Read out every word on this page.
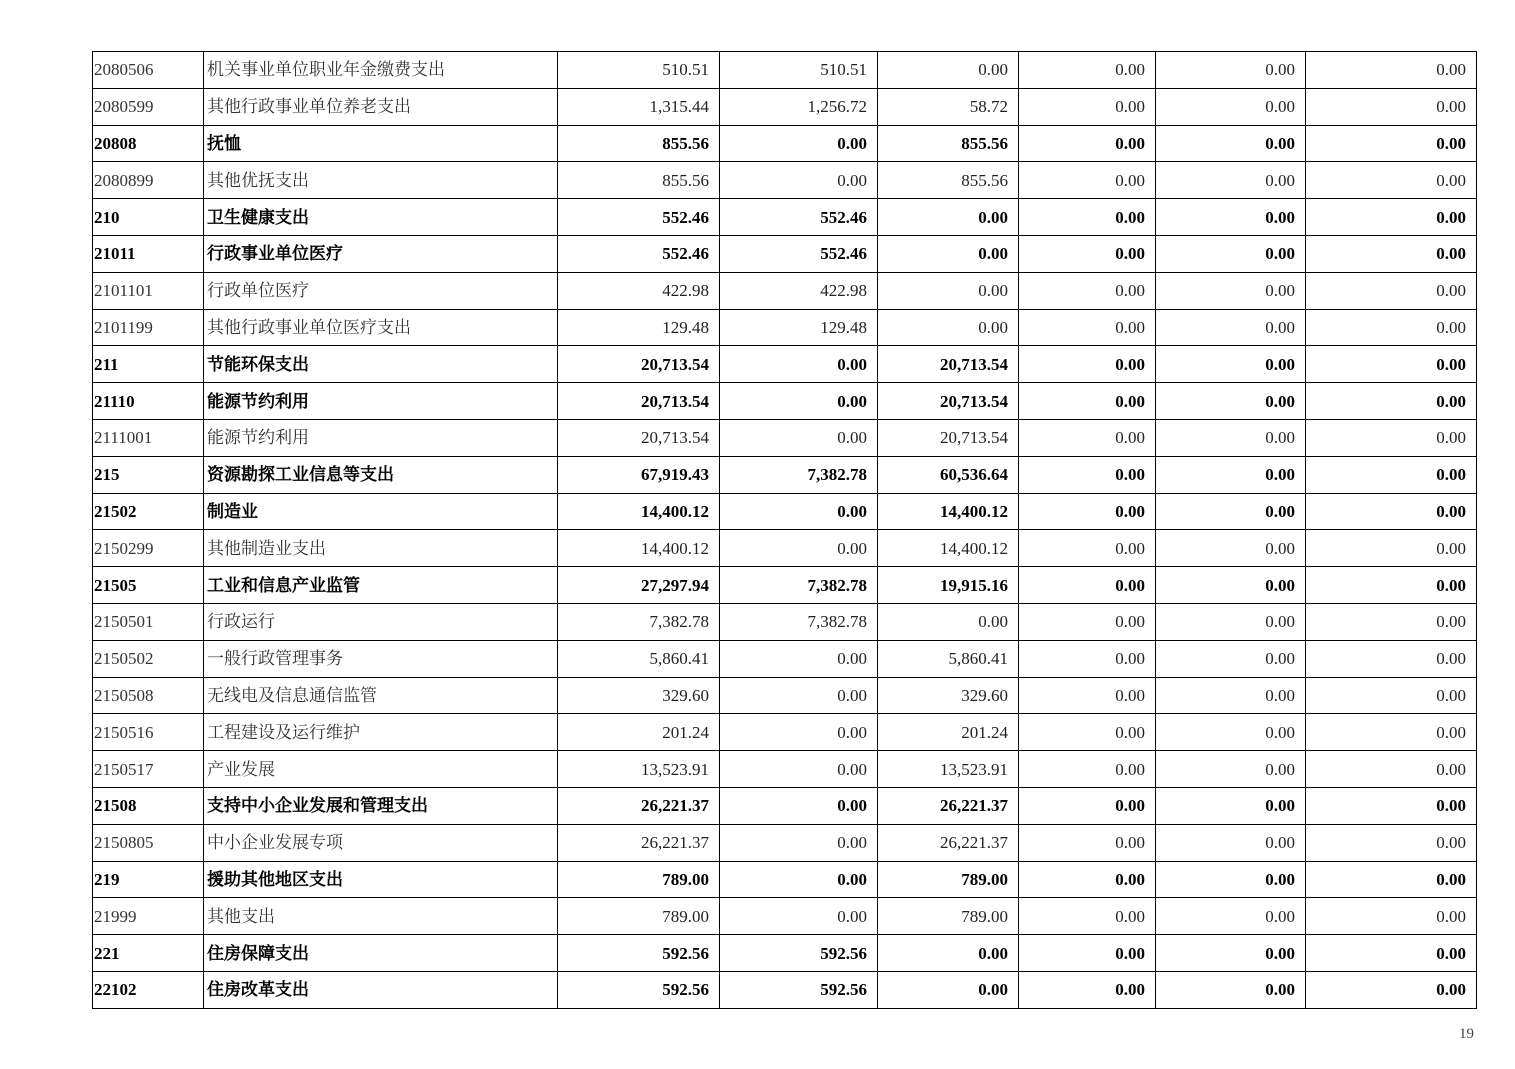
2080506	机关事业单位职业年金缴费支出	510.51	510.51	0.00	0.00	0.00	0.00
2080599	其他行政事业单位养老支出	1,315.44	1,256.72	58.72	0.00	0.00	0.00
20808	抚恤	855.56	0.00	855.56	0.00	0.00	0.00
2080899	其他优抚支出	855.56	0.00	855.56	0.00	0.00	0.00
210	卫生健康支出	552.46	552.46	0.00	0.00	0.00	0.00
21011	行政事业单位医疗	552.46	552.46	0.00	0.00	0.00	0.00
2101101	行政单位医疗	422.98	422.98	0.00	0.00	0.00	0.00
2101199	其他行政事业单位医疗支出	129.48	129.48	0.00	0.00	0.00	0.00
211	节能环保支出	20,713.54	0.00	20,713.54	0.00	0.00	0.00
21110	能源节约利用	20,713.54	0.00	20,713.54	0.00	0.00	0.00
2111001	能源节约利用	20,713.54	0.00	20,713.54	0.00	0.00	0.00
215	资源勘探工业信息等支出	67,919.43	7,382.78	60,536.64	0.00	0.00	0.00
21502	制造业	14,400.12	0.00	14,400.12	0.00	0.00	0.00
2150299	其他制造业支出	14,400.12	0.00	14,400.12	0.00	0.00	0.00
21505	工业和信息产业监管	27,297.94	7,382.78	19,915.16	0.00	0.00	0.00
2150501	行政运行	7,382.78	7,382.78	0.00	0.00	0.00	0.00
2150502	一般行政管理事务	5,860.41	0.00	5,860.41	0.00	0.00	0.00
2150508	无线电及信息通信监管	329.60	0.00	329.60	0.00	0.00	0.00
2150516	工程建设及运行维护	201.24	0.00	201.24	0.00	0.00	0.00
2150517	产业发展	13,523.91	0.00	13,523.91	0.00	0.00	0.00
21508	支持中小企业发展和管理支出	26,221.37	0.00	26,221.37	0.00	0.00	0.00
2150805	中小企业发展专项	26,221.37	0.00	26,221.37	0.00	0.00	0.00
219	援助其他地区支出	789.00	0.00	789.00	0.00	0.00	0.00
21999	其他支出	789.00	0.00	789.00	0.00	0.00	0.00
221	住房保障支出	592.56	592.56	0.00	0.00	0.00	0.00
22102	住房改革支出	592.56	592.56	0.00	0.00	0.00	0.00
19
